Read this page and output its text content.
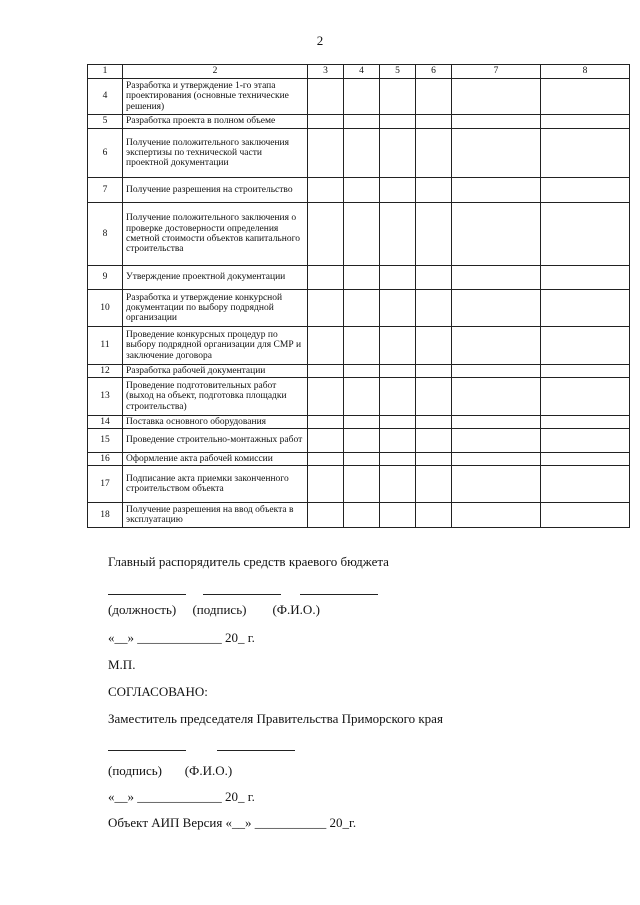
2
1	2	3	4	5	6	7	8
4	Разработка и утверждение 1-го этапа проектирования (основные технические решения)						
5	Разработка проекта в полном объеме						
6	Получение положительного заключения экспертизы по технической части проектной документации						
7	Получение разрешения на строительство						
8	Получение положительного заключения о проверке достоверности определения сметной стоимости объектов капитального строительства						
9	Утверждение проектной документации						
10	Разработка и утверждение конкурсной документации по выбору подрядной организации						
11	Проведение конкурсных процедур по выбору подрядной организации для СМР и заключение договора						
12	Разработка рабочей документации						
13	Проведение подготовительных работ (выход на объект, подготовка площадки строительства)						
14	Поставка основного оборудования						
15	Проведение строительно-монтажных работ						
16	Оформление акта рабочей комиссии						
17	Подписание акта приемки законченного строительством объекта						
18	Получение разрешения на ввод объекта в эксплуатацию						
Главный распорядитель средств краевого бюджета
(должность)     (подпись)        (Ф.И.О.)
«__» _____________ 20_ г.
М.П.
СОГЛАСОВАНО:
Заместитель председателя Правительства Приморского края
(подпись)       (Ф.И.О.)
«__» _____________ 20_ г.
Объект АИП Версия «__» ___________ 20_г.
